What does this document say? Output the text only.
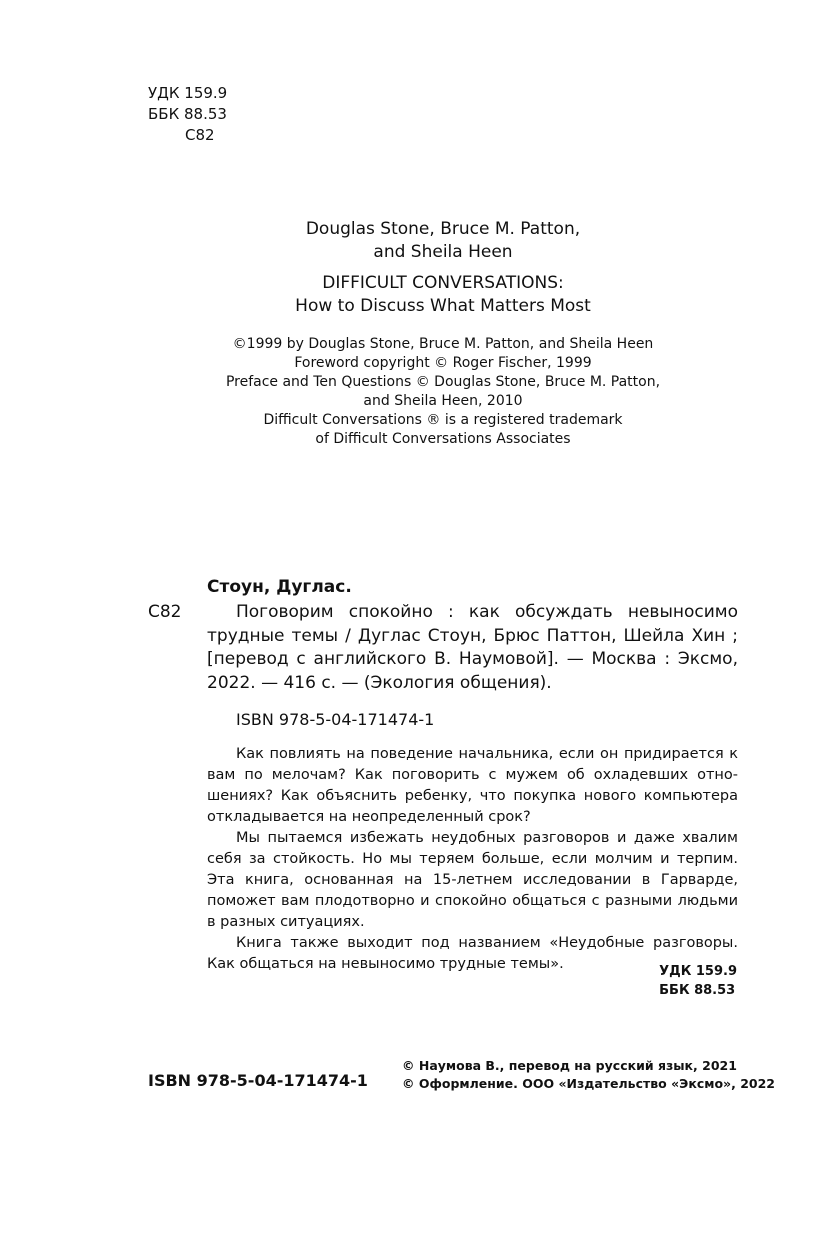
УДК 159.9
ББК 88.53
С82
Douglas Stone, Bruce M. Patton,
and Sheila Heen
DIFFICULT CONVERSATIONS:
How to Discuss What Matters Most
©1999 by Douglas Stone, Bruce M. Patton, and Sheila Heen
Foreword copyright © Roger Fischer, 1999
Preface and Ten Questions © Douglas Stone, Bruce M. Patton,
and Sheila Heen, 2010
Difficult Conversations ® is a registered trademark
of Difficult Conversations Associates
Стоун, Дуглас.
С82	Поговорим спокойно : как обсуждать невыносимо трудные темы / Дуглас Стоун, Брюс Паттон, Шейла Хин ; [перевод с английского В. Наумовой]. — Москва : Эксмо, 2022. — 416 с. — (Экология общения).
ISBN 978-5-04-171474-1

Как повлиять на поведение начальника, если он придирается к вам по мелочам? Как поговорить с мужем об охладевших отношениях? Как объяснить ребенку, что покупка нового компьютера откладывается на неопределенный срок?

Мы пытаемся избежать неудобных разговоров и даже хвалим себя за стойкость. Но мы теряем больше, если молчим и терпим. Эта книга, основанная на 15-летнем исследовании в Гарварде, поможет вам плодотворно и спокойно общаться с разными людьми в разных ситуациях.

Книга также выходит под названием «Неудобные разговоры. Как общаться на невыносимо трудные темы».	УДК 159.9
ББК 88.53
ISBN 978-5-04-171474-1
© Наумова В., перевод на русский язык, 2021
© Оформление. ООО «Издательство «Эксмо», 2022
